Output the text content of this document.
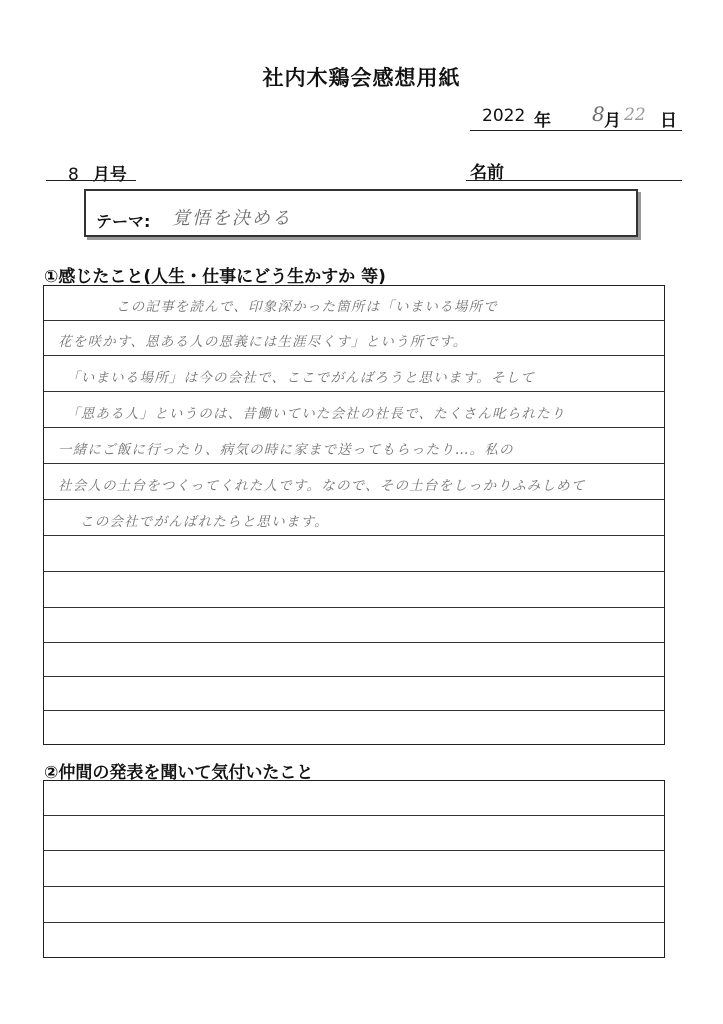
社内木鶏会感想用紙
2022 年 8 月 22 日
8 月号	名前
テーマ: 覚悟を決める
①感じたこと(人生・仕事にどう生かすか 等)
この記事を読んで、印象深かった箇所は「いまいる場所で
花を咲かす、恩ある人の恩義には生涯尽くす」という所です。
「いまいる場所」は今の会社で、ここでがんばろうと思います。そして
「恩ある人」というのは、昔働いていた会社の社長で、たくさん叱られたり
一緒にご飯に行ったり、病気の時に家まで送ってもらったり…。私の
社会人の土台をつくってくれた人です。なので、その土台をしっかりふみしめて
この会社でがんばれたらと思います。
②仲間の発表を聞いて気付いたこと
